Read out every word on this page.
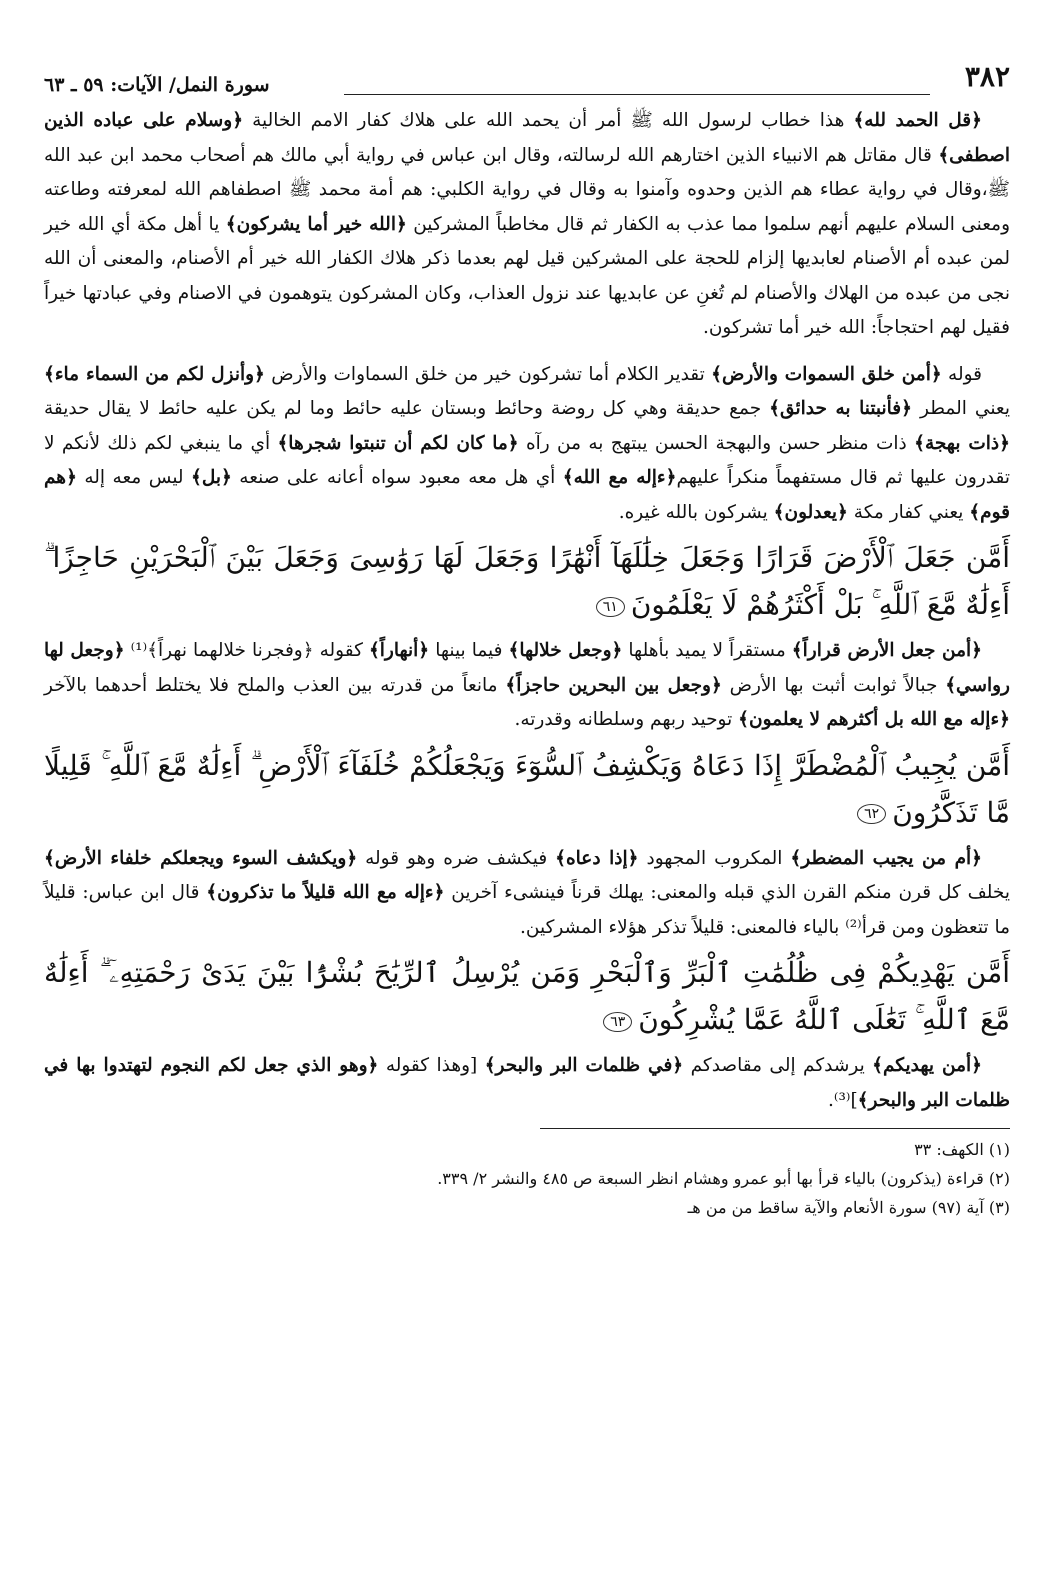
٣٨٢
سورة النمل/ الآيات: ٥٩ ـ ٦٣

﴿قل الحمد لله﴾ هذا خطاب لرسول الله ﷺ أمر أن يحمد الله على هلاك كفار الامم الخالية ﴿وسلام على عباده الذين اصطفى﴾ قال مقاتل هم الانبياء الذين اختارهم الله لرسالته، وقال ابن عباس في رواية أبي مالك هم أصحاب محمد ابن عبد الله ﷺ،وقال في رواية عطاء هم الذين وحدوه وآمنوا به وقال في رواية الكلبي: هم أمة محمد ﷺ اصطفاهم الله لمعرفته وطاعته ومعنى السلام عليهم أنهم سلموا مما عذب به الكفار ثم قال مخاطباً المشركين ﴿الله خير أما يشركون﴾ يا أهل مكة أي الله خير لمن عبده أم الأصنام لعابديها إلزام للحجة على المشركين قيل لهم بعدما ذكر هلاك الكفار الله خير أم الأصنام، والمعنى أن الله نجى من عبده من الهلاك والأصنام لم تُغنِ عن عابديها عند نزول العذاب، وكان المشركون يتوهمون في الاصنام وفي عبادتها خيراً فقيل لهم احتجاجاً: الله خير أما تشركون.

قوله ﴿أمن خلق السموات والأرض﴾ تقدير الكلام أما تشركون خير من خلق السماوات والأرض ﴿وأنزل لكم من السماء ماء﴾ يعني المطر ﴿فأنبتنا به حدائق﴾ جمع حديقة وهي كل روضة وحائط وبستان عليه حائط وما لم يكن عليه حائط لا يقال حديقة ﴿ذات بهجة﴾ ذات منظر حسن والبهجة الحسن يبتهج به من رآه ﴿ما كان لكم أن تنبتوا شجرها﴾ أي ما ينبغي لكم ذلك لأنكم لا تقدرون عليها ثم قال مستفهماً منكراً عليهم﴿ءإله مع الله﴾ أي هل معه معبود سواه أعانه على صنعه ﴿بل﴾ ليس معه إله ﴿هم قوم﴾ يعني كفار مكة ﴿يعدلون﴾ يشركون بالله غيره.

أَمَّن جَعَلَ ٱلْأَرْضَ قَرَارًا وَجَعَلَ خِلَٰلَهَآ أَنْهَٰرًا وَجَعَلَ لَهَا رَوَٰسِىَ وَجَعَلَ بَيْنَ ٱلْبَحْرَيْنِ حَاجِزًا ۗ أَءِلَٰهٌ مَّعَ ٱللَّهِ ۚ بَلْ أَكْثَرُهُمْ لَا يَعْلَمُونَ٦١

﴿أمن جعل الأرض قراراً﴾ مستقراً لا يميد بأهلها ﴿وجعل خلالها﴾ فيما بينها ﴿أنهاراً﴾ كقوله ﴿وفجرنا خلالهما نهراً﴾⁽¹⁾ ﴿وجعل لها رواسي﴾ جبالاً ثوابت أثبت بها الأرض ﴿وجعل بين البحرين حاجزاً﴾ مانعاً من قدرته بين العذب والملح فلا يختلط أحدهما بالآخر ﴿ءإله مع الله بل أكثرهم لا يعلمون﴾ توحيد ربهم وسلطانه وقدرته.

أَمَّن يُجِيبُ ٱلْمُضْطَرَّ إِذَا دَعَاهُ وَيَكْشِفُ ٱلسُّوٓءَ وَيَجْعَلُكُمْ خُلَفَآءَ ٱلْأَرْضِ ۗ أَءِلَٰهٌ مَّعَ ٱللَّهِ ۚ قَلِيلًا مَّا تَذَكَّرُونَ٦٢

﴿أم من يجيب المضطر﴾ المكروب المجهود ﴿إذا دعاه﴾ فيكشف ضره وهو قوله ﴿ويكشف السوء ويجعلكم خلفاء الأرض﴾ يخلف كل قرن منكم القرن الذي قبله والمعنى: يهلك قرناً فينشىء آخرين ﴿ءإله مع الله قليلاً ما تذكرون﴾ قال ابن عباس: قليلاً ما تتعظون ومن قرأ⁽²⁾ بالياء فالمعنى: قليلاً تذكر هؤلاء المشركين.

أَمَّن يَهْدِيكُمْ فِى ظُلُمَٰتِ ٱلْبَرِّ وَٱلْبَحْرِ وَمَن يُرْسِلُ ٱلرِّيَٰحَ بُشْرًۢا بَيْنَ يَدَىْ رَحْمَتِهِۦٓ ۗ أَءِلَٰهٌ مَّعَ ٱللَّهِ ۚ تَعَٰلَى ٱللَّهُ عَمَّا يُشْرِكُونَ٦٣

﴿أمن يهديكم﴾ يرشدكم إلى مقاصدكم ﴿في ظلمات البر والبحر﴾ [وهذا كقوله ﴿وهو الذي جعل لكم النجوم لتهتدوا بها في ظلمات البر والبحر﴾]⁽³⁾.

(١) الكهف: ٣٣

(٢) قراءة (يذكرون) بالياء قرأ بها أبو عمرو وهشام انظر السبعة ص ٤٨٥ والنشر ٢/ ٣٣٩.

(٣) آية (٩٧) سورة الأنعام والآية ساقط من من هـ
